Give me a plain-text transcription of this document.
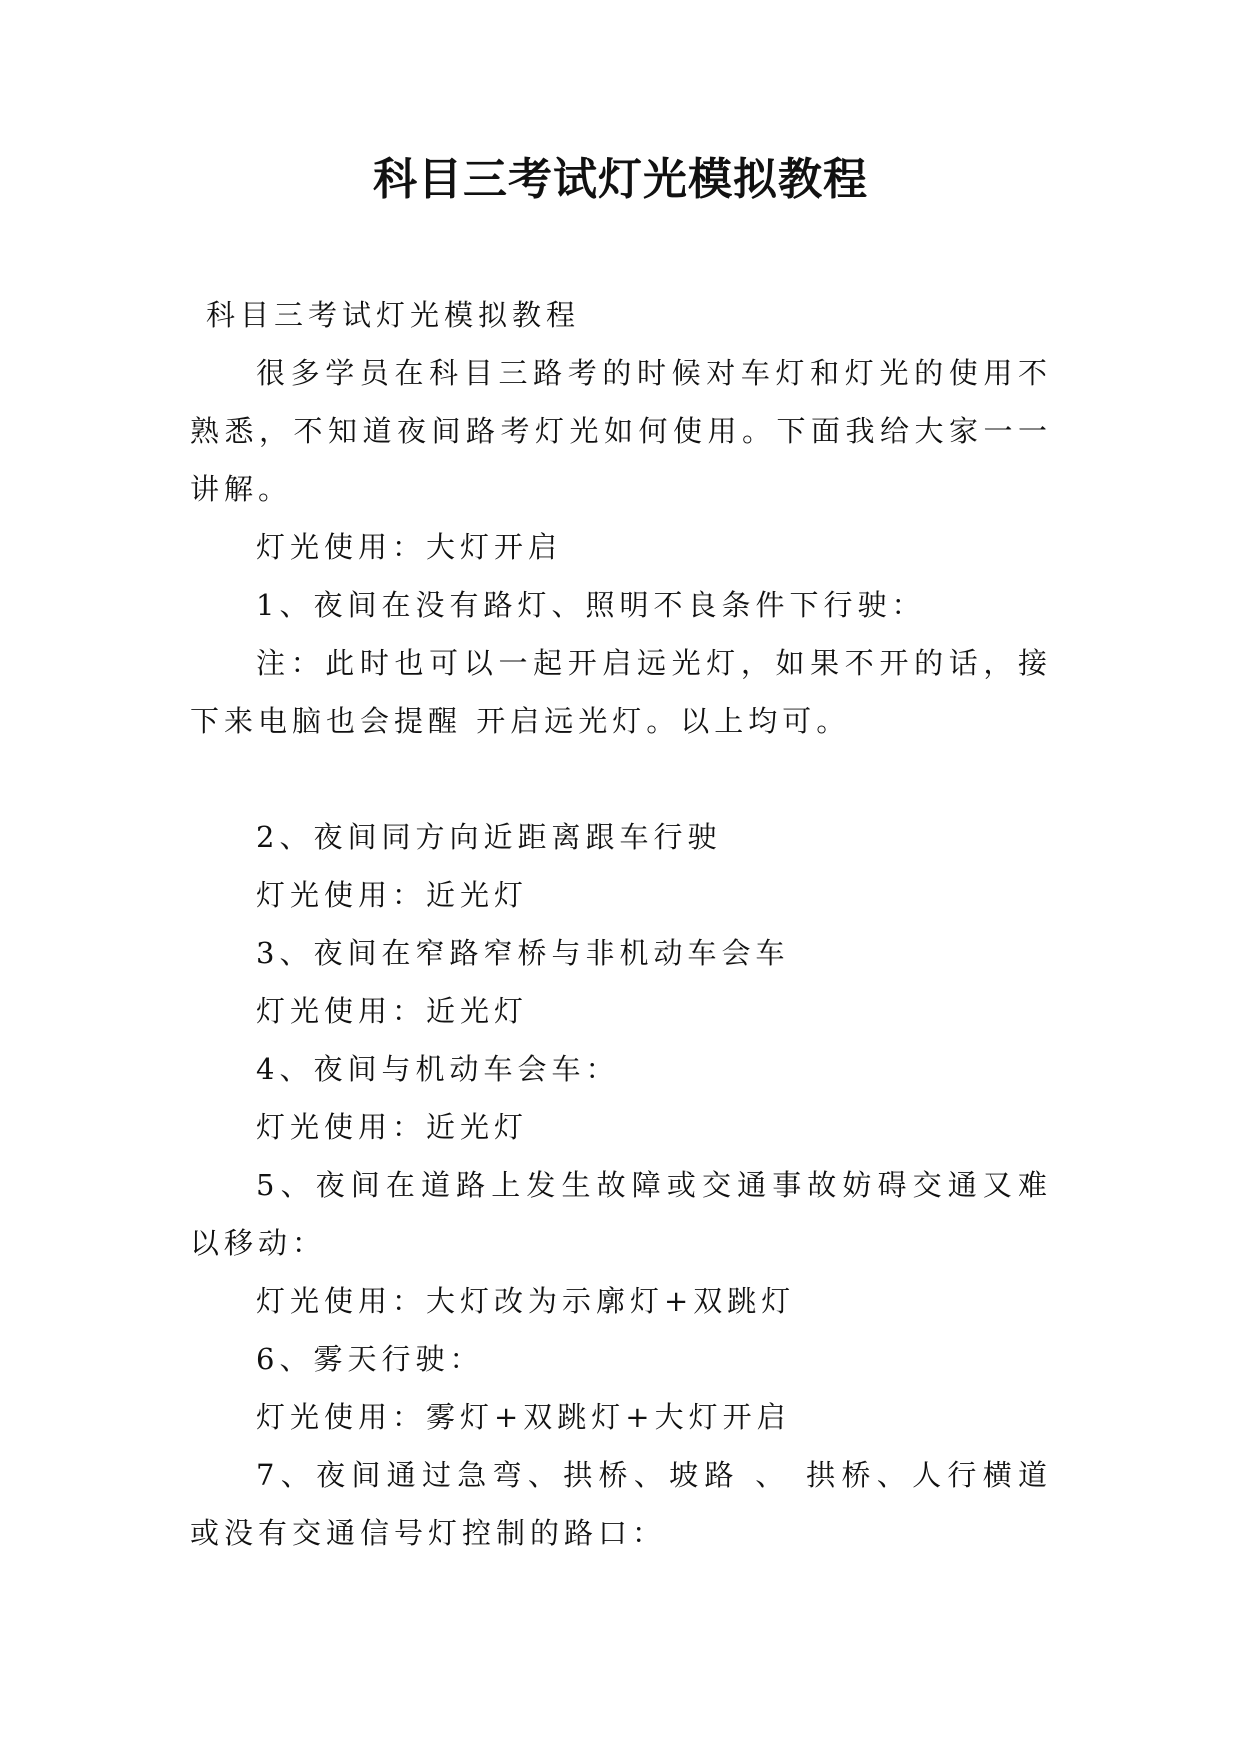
科目三考试灯光模拟教程

科目三考试灯光模拟教程

很多学员在科目三路考的时候对车灯和灯光的使用不熟悉，不知道夜间路考灯光如何使用。下面我给大家一一讲解。

灯光使用：大灯开启

1、夜间在没有路灯、照明不良条件下行驶：

注：此时也可以一起开启远光灯，如果不开的话，接下来电脑也会提醒 开启远光灯。以上均可。

2、夜间同方向近距离跟车行驶

灯光使用：近光灯

3、夜间在窄路窄桥与非机动车会车

灯光使用：近光灯

4、夜间与机动车会车：

灯光使用：近光灯

5、夜间在道路上发生故障或交通事故妨碍交通又难以移动：

灯光使用：大灯改为示廓灯+双跳灯

6、雾天行驶：

灯光使用：雾灯+双跳灯+大灯开启

7、夜间通过急弯、拱桥、坡路 、 拱桥、人行横道或没有交通信号灯控制的路口：
